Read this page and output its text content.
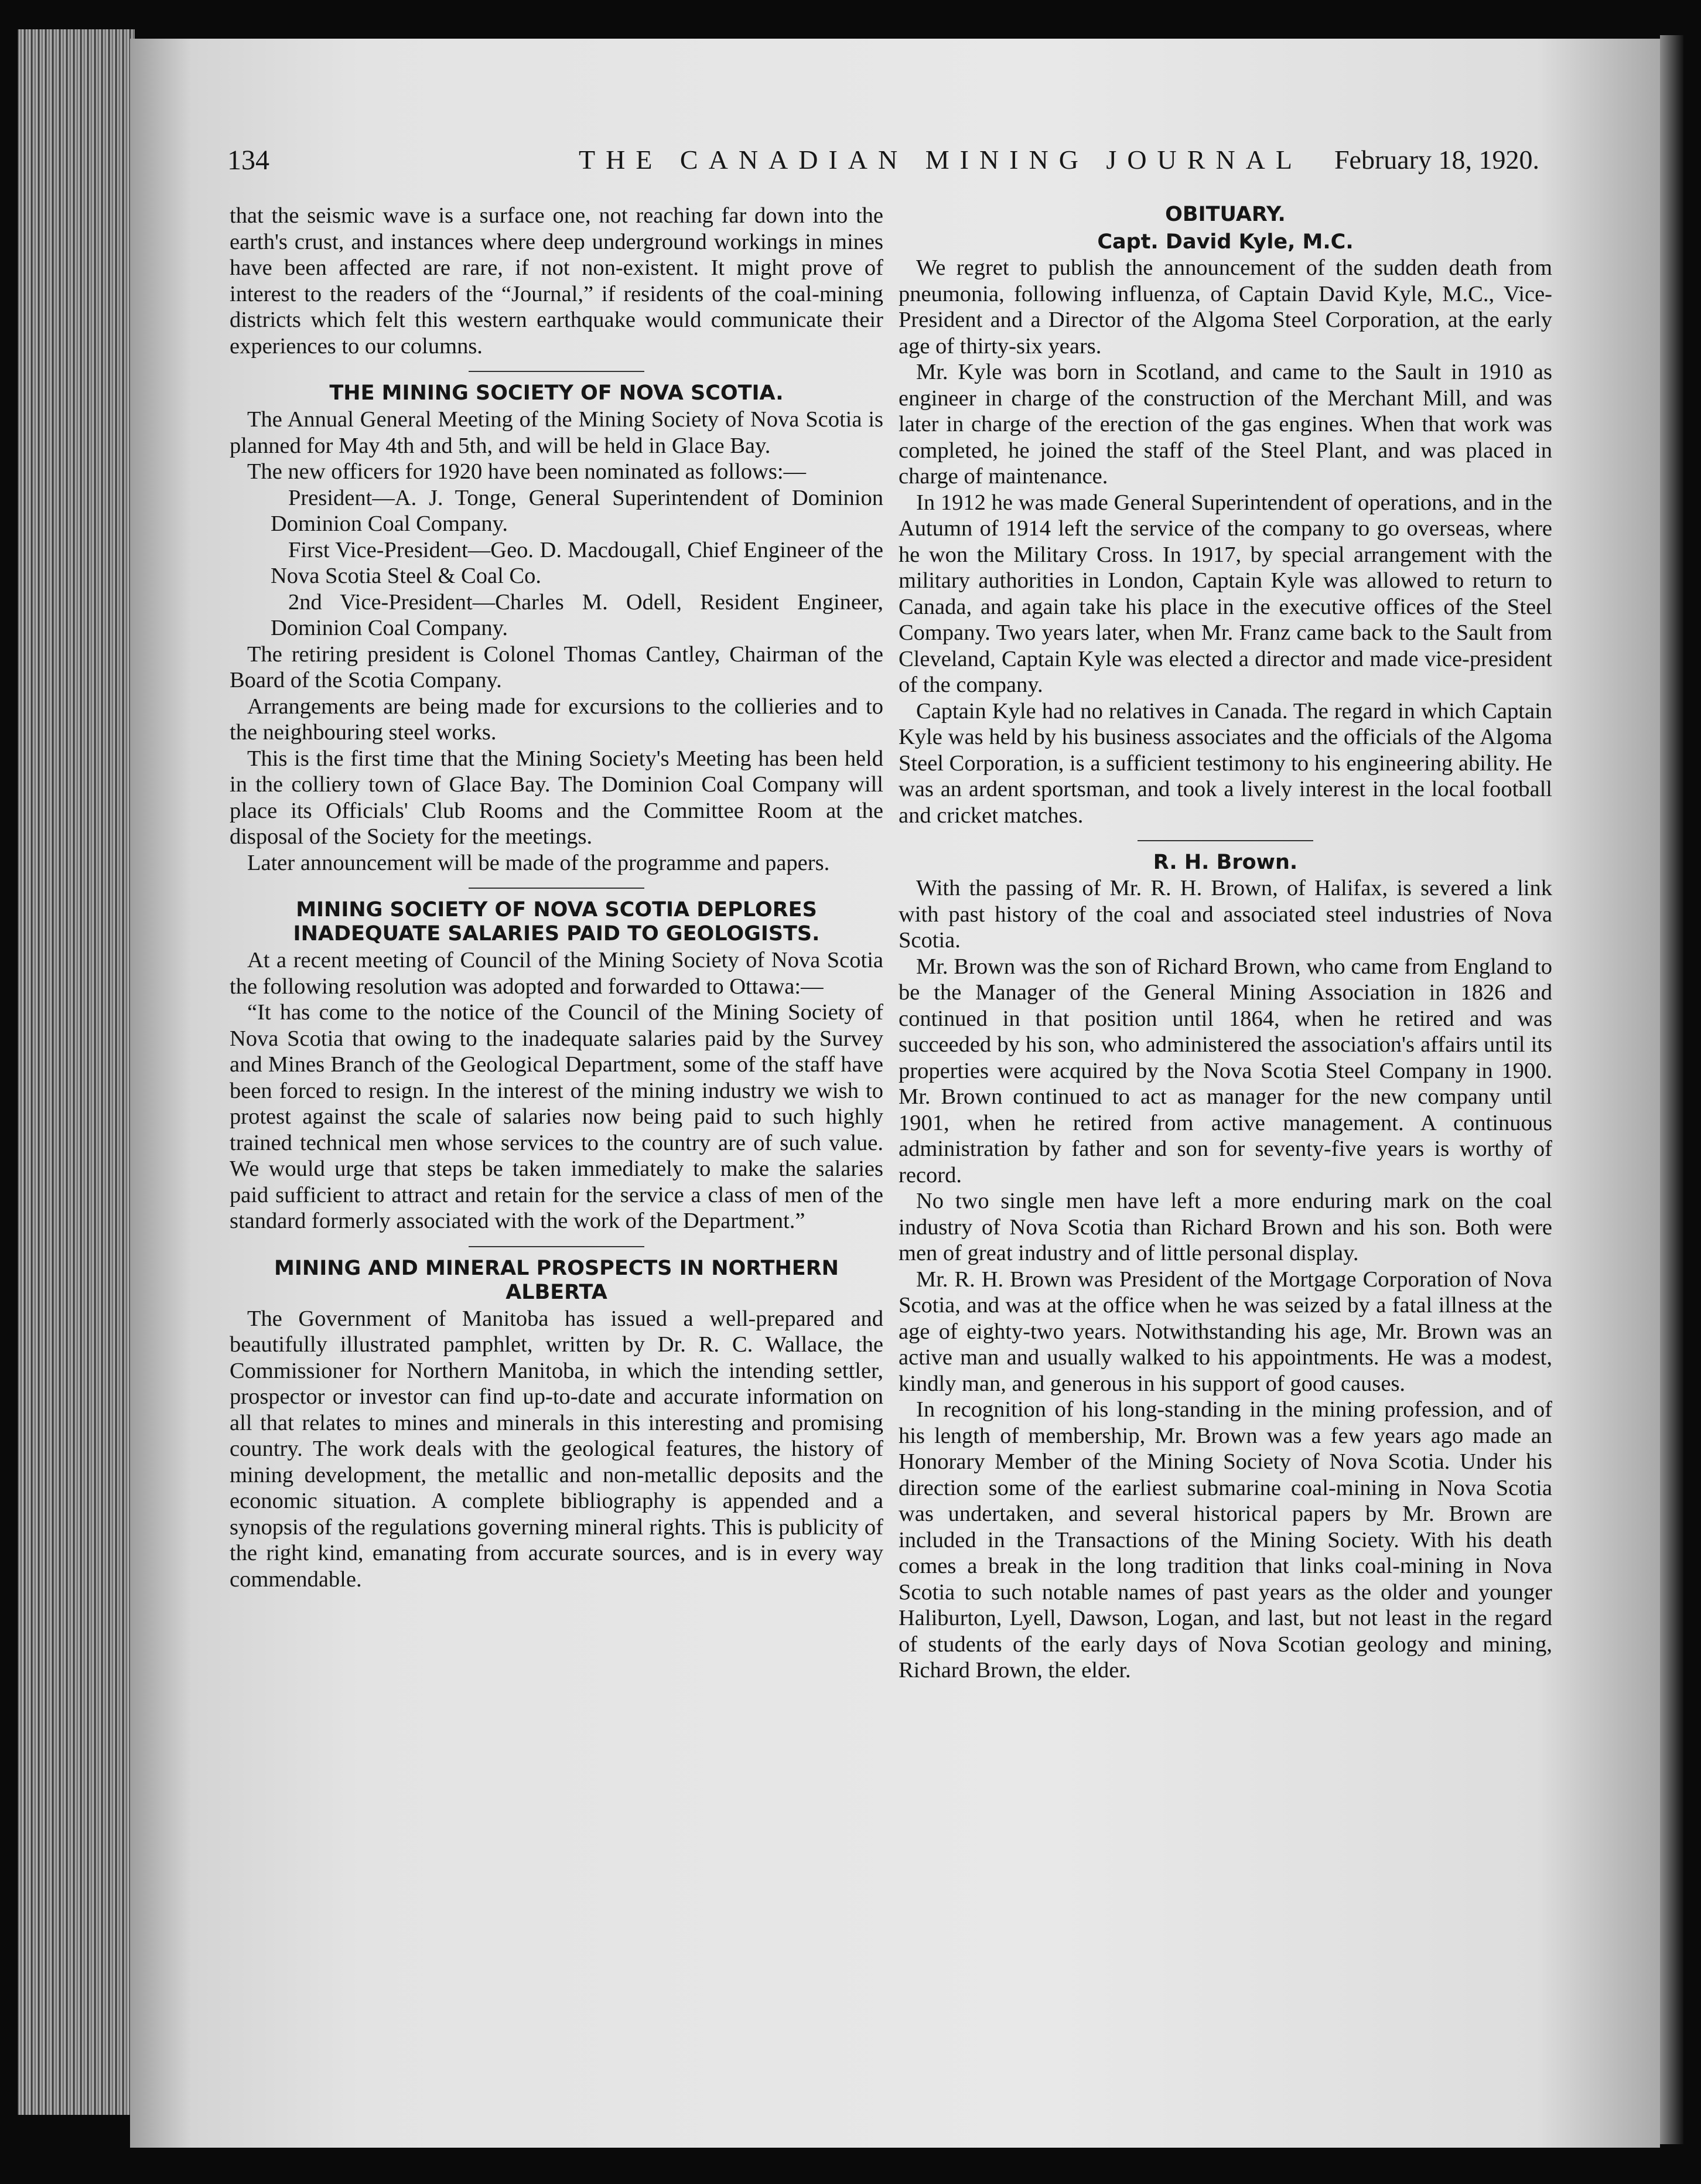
134	THE CANADIAN MINING JOURNAL February 18, 1920.

that the seismic wave is a surface one, not reaching far down into the earth's crust, and instances where deep underground workings in mines have been affected are rare, if not non-existent. It might prove of interest to the readers of the “Journal,” if residents of the coal-mining districts which felt this western earthquake would communicate their experiences to our columns.

THE MINING SOCIETY OF NOVA SCOTIA.

The Annual General Meeting of the Mining Society of Nova Scotia is planned for May 4th and 5th, and will be held in Glace Bay.

The new officers for 1920 have been nominated as follows:—

President—A. J. Tonge, General Superintendent of Dominion Dominion Coal Company.

First Vice-President—Geo. D. Macdougall, Chief Engineer of the Nova Scotia Steel & Coal Co.

2nd Vice-President—Charles M. Odell, Resident Engineer, Dominion Coal Company.

The retiring president is Colonel Thomas Cantley, Chairman of the Board of the Scotia Company.

Arrangements are being made for excursions to the collieries and to the neighbouring steel works.

This is the first time that the Mining Society's Meeting has been held in the colliery town of Glace Bay. The Dominion Coal Company will place its Officials' Club Rooms and the Committee Room at the disposal of the Society for the meetings.

Later announcement will be made of the programme and papers.

MINING SOCIETY OF NOVA SCOTIA DEPLORES INADEQUATE SALARIES PAID TO GEOLOGISTS.

At a recent meeting of Council of the Mining Society of Nova Scotia the following resolution was adopted and forwarded to Ottawa:—

“It has come to the notice of the Council of the Mining Society of Nova Scotia that owing to the inadequate salaries paid by the Survey and Mines Branch of the Geological Department, some of the staff have been forced to resign. In the interest of the mining industry we wish to protest against the scale of salaries now being paid to such highly trained technical men whose services to the country are of such value. We would urge that steps be taken immediately to make the salaries paid sufficient to attract and retain for the service a class of men of the standard formerly associated with the work of the Department.”

MINING AND MINERAL PROSPECTS IN NORTHERN ALBERTA

The Government of Manitoba has issued a well-prepared and beautifully illustrated pamphlet, written by Dr. R. C. Wallace, the Commissioner for Northern Manitoba, in which the intending settler, prospector or investor can find up-to-date and accurate information on all that relates to mines and minerals in this interesting and promising country. The work deals with the geological features, the history of mining development, the metallic and non-metallic deposits and the economic situation. A complete bibliography is appended and a synopsis of the regulations governing mineral rights. This is publicity of the right kind, emanating from accurate sources, and is in every way commendable.

OBITUARY.
Capt. David Kyle, M.C.

We regret to publish the announcement of the sudden death from pneumonia, following influenza, of Captain David Kyle, M.C., Vice-President and a Director of the Algoma Steel Corporation, at the early age of thirty-six years.

Mr. Kyle was born in Scotland, and came to the Sault in 1910 as engineer in charge of the construction of the Merchant Mill, and was later in charge of the erection of the gas engines. When that work was completed, he joined the staff of the Steel Plant, and was placed in charge of maintenance.

In 1912 he was made General Superintendent of operations, and in the Autumn of 1914 left the service of the company to go overseas, where he won the Military Cross. In 1917, by special arrangement with the military authorities in London, Captain Kyle was allowed to return to Canada, and again take his place in the executive offices of the Steel Company. Two years later, when Mr. Franz came back to the Sault from Cleveland, Captain Kyle was elected a director and made vice-president of the company.

Captain Kyle had no relatives in Canada. The regard in which Captain Kyle was held by his business associates and the officials of the Algoma Steel Corporation, is a sufficient testimony to his engineering ability. He was an ardent sportsman, and took a lively interest in the local football and cricket matches.

R. H. Brown.

With the passing of Mr. R. H. Brown, of Halifax, is severed a link with past history of the coal and associated steel industries of Nova Scotia.

Mr. Brown was the son of Richard Brown, who came from England to be the Manager of the General Mining Association in 1826 and continued in that position until 1864, when he retired and was succeeded by his son, who administered the association's affairs until its properties were acquired by the Nova Scotia Steel Company in 1900. Mr. Brown continued to act as manager for the new company until 1901, when he retired from active management. A continuous administration by father and son for seventy-five years is worthy of record.

No two single men have left a more enduring mark on the coal industry of Nova Scotia than Richard Brown and his son. Both were men of great industry and of little personal display.

Mr. R. H. Brown was President of the Mortgage Corporation of Nova Scotia, and was at the office when he was seized by a fatal illness at the age of eighty-two years. Notwithstanding his age, Mr. Brown was an active man and usually walked to his appointments. He was a modest, kindly man, and generous in his support of good causes.

In recognition of his long-standing in the mining profession, and of his length of membership, Mr. Brown was a few years ago made an Honorary Member of the Mining Society of Nova Scotia. Under his direction some of the earliest submarine coal-mining in Nova Scotia was undertaken, and several historical papers by Mr. Brown are included in the Transactions of the Mining Society. With his death comes a break in the long tradition that links coal-mining in Nova Scotia to such notable names of past years as the older and younger Haliburton, Lyell, Dawson, Logan, and last, but not least in the regard of students of the early days of Nova Scotian geology and mining, Richard Brown, the elder.
